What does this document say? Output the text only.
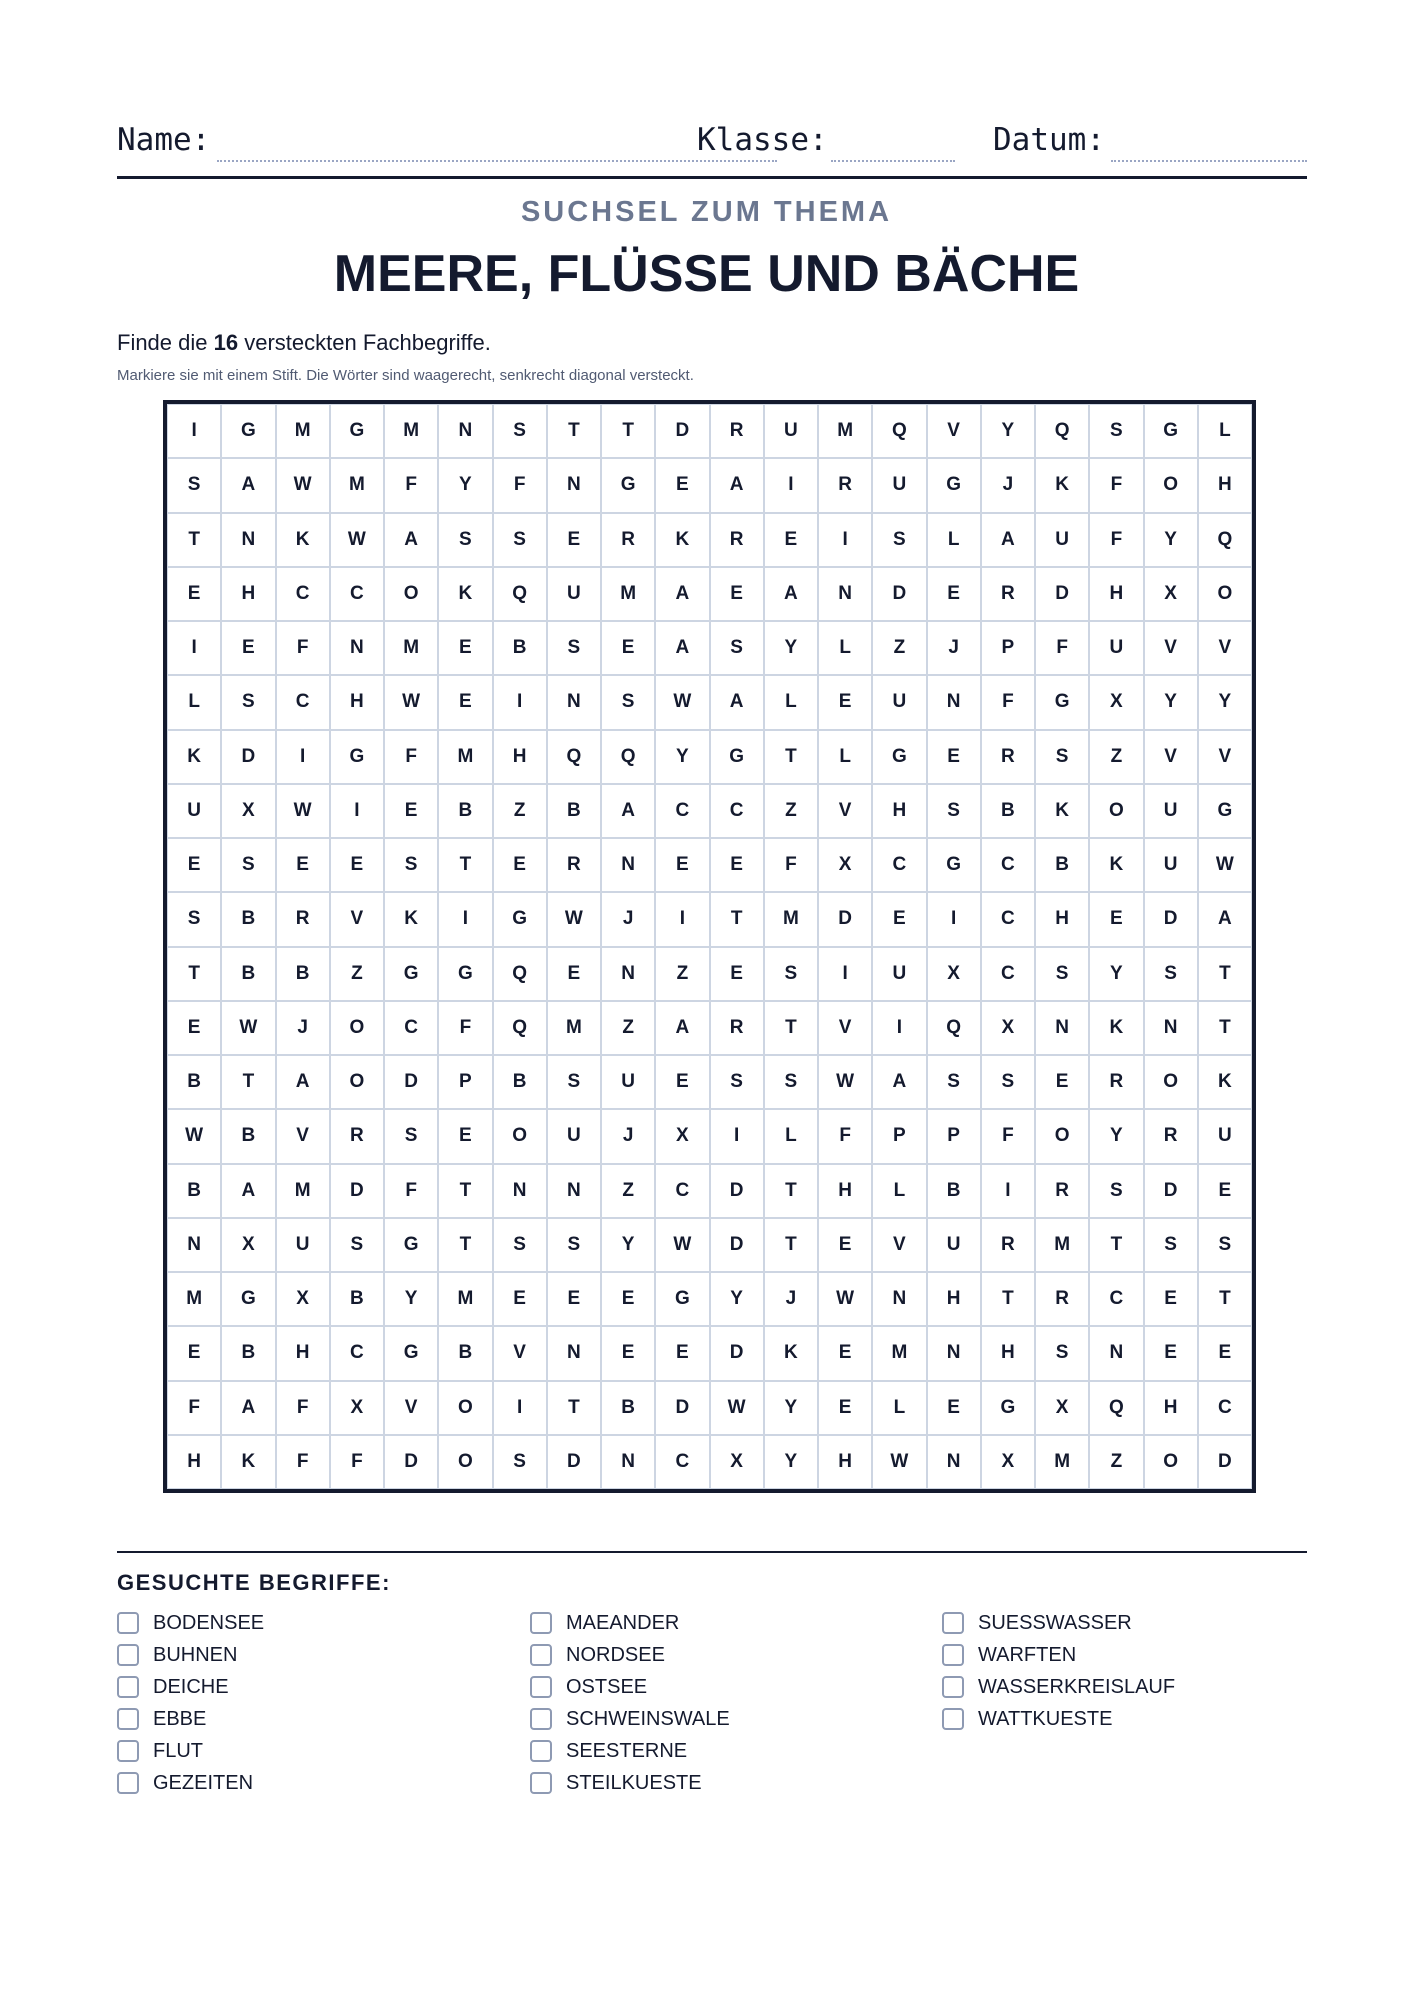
Name:	Klasse:	Datum:
SUCHSEL ZUM THEMA
MEERE, FLÜSSE UND BÄCHE
Finde die 16 versteckten Fachbegriffe.
Markiere sie mit einem Stift. Die Wörter sind waagerecht, senkrecht diagonal versteckt.
I	G	M	G	M	N	S	T	T	D	R	U	M	Q	V	Y	Q	S	G	L
S	A	W	M	F	Y	F	N	G	E	A	I	R	U	G	J	K	F	O	H
T	N	K	W	A	S	S	E	R	K	R	E	I	S	L	A	U	F	Y	Q
E	H	C	C	O	K	Q	U	M	A	E	A	N	D	E	R	D	H	X	O
I	E	F	N	M	E	B	S	E	A	S	Y	L	Z	J	P	F	U	V	V
L	S	C	H	W	E	I	N	S	W	A	L	E	U	N	F	G	X	Y	Y
K	D	I	G	F	M	H	Q	Q	Y	G	T	L	G	E	R	S	Z	V	V
U	X	W	I	E	B	Z	B	A	C	C	Z	V	H	S	B	K	O	U	G
E	S	E	E	S	T	E	R	N	E	E	F	X	C	G	C	B	K	U	W
S	B	R	V	K	I	G	W	J	I	T	M	D	E	I	C	H	E	D	A
T	B	B	Z	G	G	Q	E	N	Z	E	S	I	U	X	C	S	Y	S	T
E	W	J	O	C	F	Q	M	Z	A	R	T	V	I	Q	X	N	K	N	T
B	T	A	O	D	P	B	S	U	E	S	S	W	A	S	S	E	R	O	K
W	B	V	R	S	E	O	U	J	X	I	L	F	P	P	F	O	Y	R	U
B	A	M	D	F	T	N	N	Z	C	D	T	H	L	B	I	R	S	D	E
N	X	U	S	G	T	S	S	Y	W	D	T	E	V	U	R	M	T	S	S
M	G	X	B	Y	M	E	E	E	G	Y	J	W	N	H	T	R	C	E	T
E	B	H	C	G	B	V	N	E	E	D	K	E	M	N	H	S	N	E	E
F	A	F	X	V	O	I	T	B	D	W	Y	E	L	E	G	X	Q	H	C
H	K	F	F	D	O	S	D	N	C	X	Y	H	W	N	X	M	Z	O	D
GESUCHTE BEGRIFFE:
BODENSEE
BUHNEN
DEICHE
EBBE
FLUT
GEZEITEN
MAEANDER
NORDSEE
OSTSEE
SCHWEINSWALE
SEESTERNE
STEILKUESTE
SUESSWASSER
WARFTEN
WASSERKREISLAUF
WATTKUESTE
